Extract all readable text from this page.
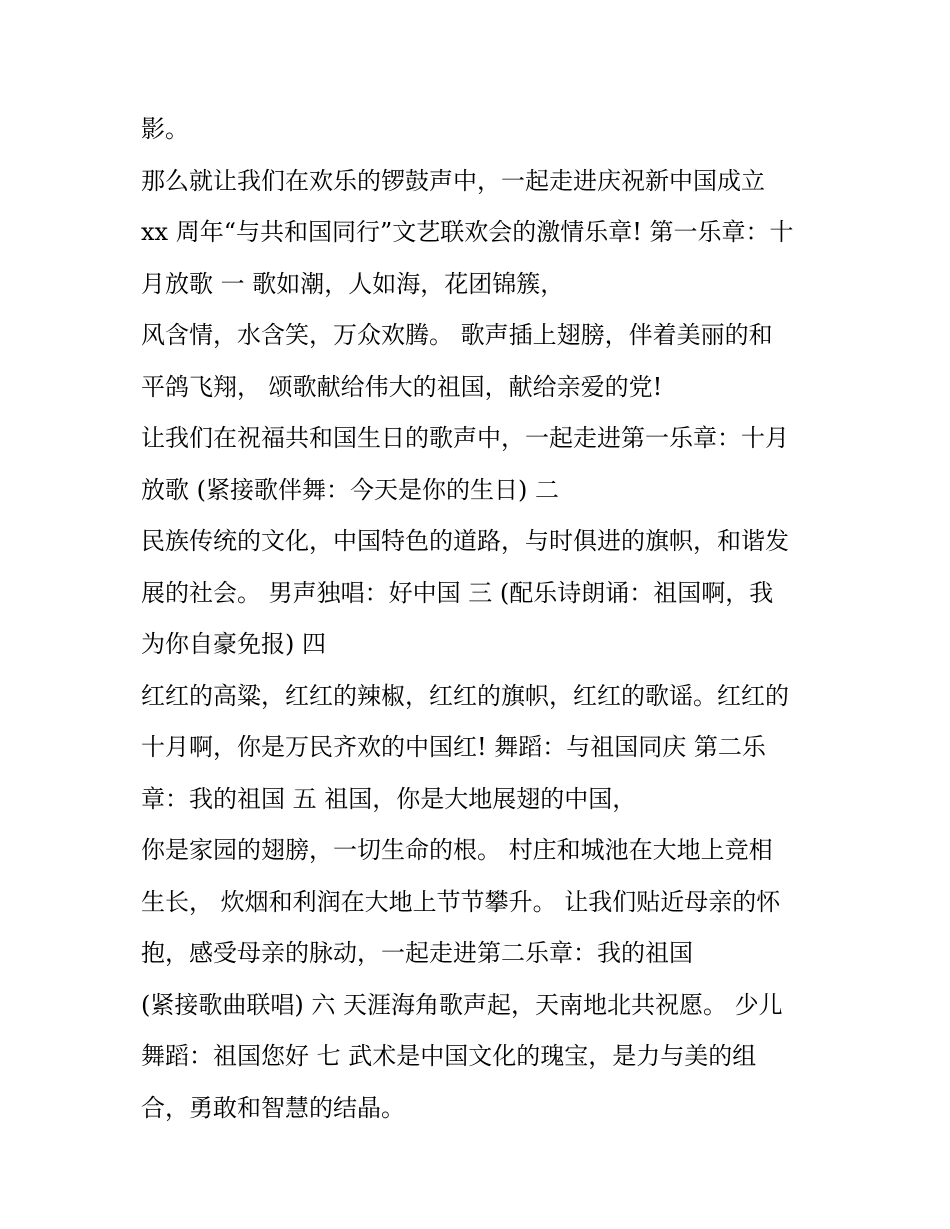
影。
那么就让我们在欢乐的锣鼓声中，一起走进庆祝新中国成立
xx 周年“与共和国同行”文艺联欢会的激情乐章! 第一乐章：十
月放歌 一 歌如潮，人如海，花团锦簇，
风含情，水含笑，万众欢腾。 歌声插上翅膀，伴着美丽的和
平鸽飞翔， 颂歌献给伟大的祖国，献给亲爱的党!
让我们在祝福共和国生日的歌声中，一起走进第一乐章：十月
放歌 (紧接歌伴舞：今天是你的生日) 二
民族传统的文化，中国特色的道路，与时俱进的旗帜，和谐发
展的社会。 男声独唱：好中国 三 (配乐诗朗诵：祖国啊，我
为你自豪免报) 四
红红的高粱，红红的辣椒，红红的旗帜，红红的歌谣。红红的
十月啊，你是万民齐欢的中国红! 舞蹈：与祖国同庆 第二乐
章：我的祖国 五 祖国，你是大地展翅的中国，
你是家园的翅膀，一切生命的根。 村庄和城池在大地上竞相
生长， 炊烟和利润在大地上节节攀升。 让我们贴近母亲的怀
抱，感受母亲的脉动，一起走进第二乐章：我的祖国
(紧接歌曲联唱) 六 天涯海角歌声起，天南地北共祝愿。 少儿
舞蹈：祖国您好 七 武术是中国文化的瑰宝，是力与美的组
合，勇敢和智慧的结晶。
